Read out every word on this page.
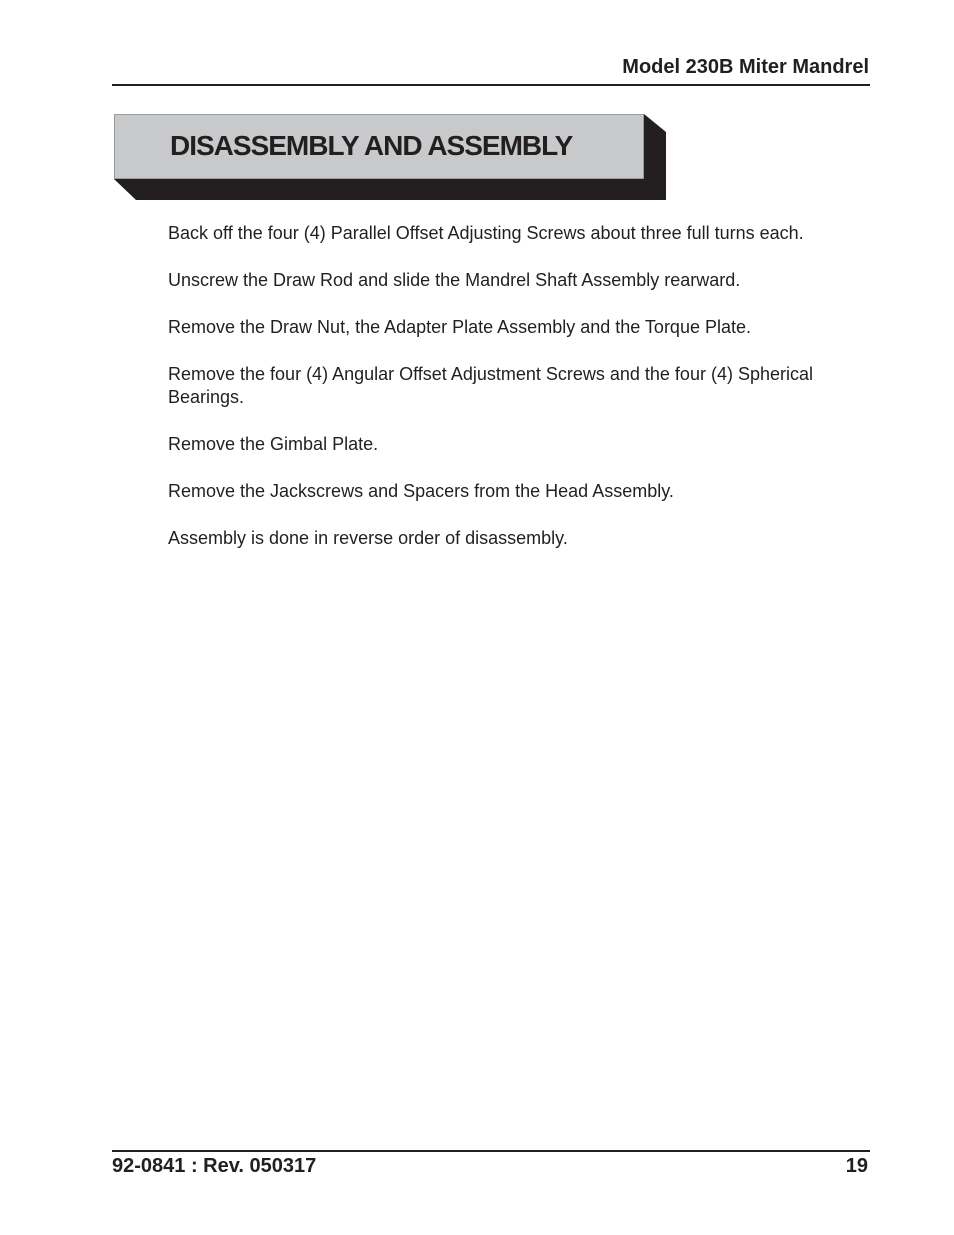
Model 230B Miter Mandrel
DISASSEMBLY AND ASSEMBLY
Back off the four (4) Parallel Offset Adjusting Screws about three full turns each.
Unscrew the Draw Rod and slide the Mandrel Shaft Assembly rearward.
Remove the Draw Nut, the Adapter Plate Assembly and the Torque Plate.
Remove the four (4) Angular Offset Adjustment Screws and the four (4) Spherical Bearings.
Remove the Gimbal Plate.
Remove the Jackscrews and Spacers from the Head Assembly.
Assembly is done in reverse order of disassembly.
92-0841 : Rev. 050317	19
